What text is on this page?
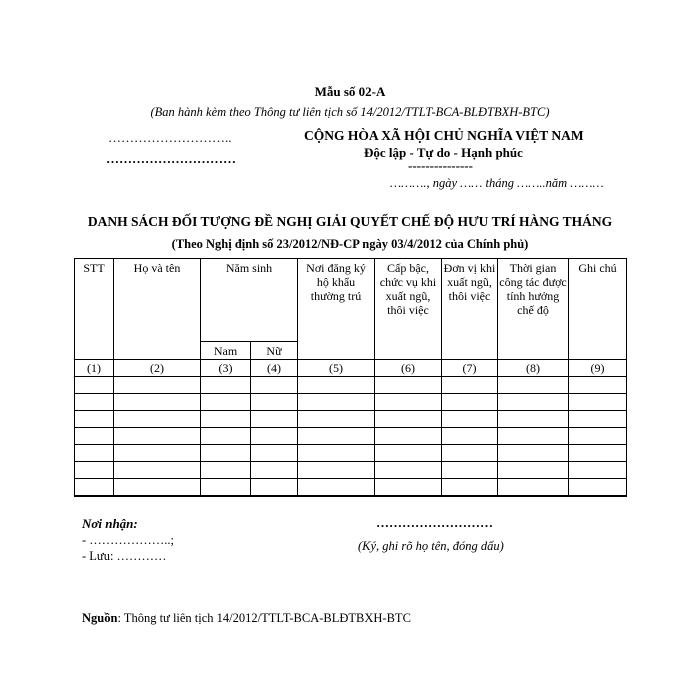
Mẫu số 02-A
(Ban hành kèm theo Thông tư liên tịch số 14/2012/TTLT-BCA-BLĐTBXH-BTC)
………………………..
…………………………
CỘNG HÒA XÃ HỘI CHỦ NGHĨA VIỆT NAM
Độc lập - Tự do - Hạnh phúc
---------------
………., ngày …… tháng ……..năm ………
DANH SÁCH ĐỐI TƯỢNG ĐỀ NGHỊ GIẢI QUYẾT CHẾ ĐỘ HƯU TRÍ HÀNG THÁNG
(Theo Nghị định số 23/2012/NĐ-CP ngày 03/4/2012 của Chính phủ)
STT	Họ và tên	Năm sinh		Nơi đăng ký hộ khẩu thường trú	Cấp bậc, chức vụ khi xuất ngũ, thôi việc	Đơn vị khi xuất ngũ, thôi việc	Thời gian công tác được tính hưởng chế độ	Ghi chú
		Nam	Nữ					
(1)	(2)	(3)	(4)	(5)	(6)	(7)	(8)	(9)

Nơi nhận:
- ………………..;
- Lưu: …………
………………………
(Ký, ghi rõ họ tên, đóng dấu)
Nguồn: Thông tư liên tịch 14/2012/TTLT-BCA-BLĐTBXH-BTC
